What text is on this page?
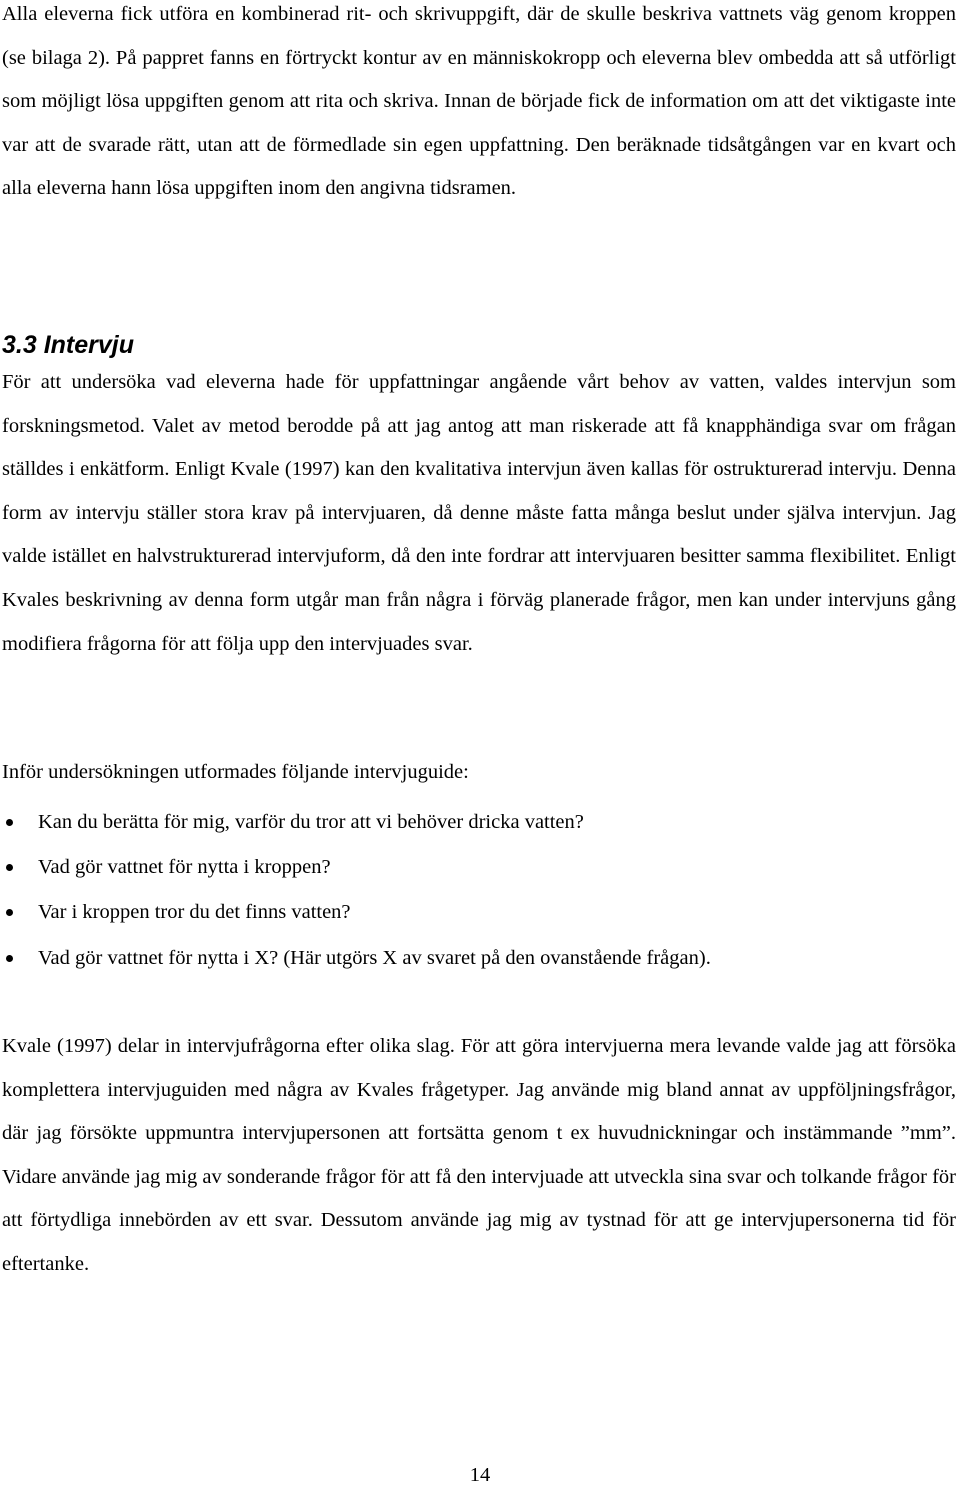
Alla eleverna fick utföra en kombinerad rit- och skrivuppgift, där de skulle beskriva vattnets väg genom kroppen (se bilaga 2). På pappret fanns en förtryckt kontur av en människokropp och eleverna blev ombedda att så utförligt som möjligt lösa uppgiften genom att rita och skriva. Innan de började fick de information om att det viktigaste inte var att de svarade rätt, utan att de förmedlade sin egen uppfattning. Den beräknade tidsåtgången var en kvart och alla eleverna hann lösa uppgiften inom den angivna tidsramen.

3.3 Intervju

För att undersöka vad eleverna hade för uppfattningar angående vårt behov av vatten, valdes intervjun som forskningsmetod. Valet av metod berodde på att jag antog att man riskerade att få knapphändiga svar om frågan ställdes i enkätform. Enligt Kvale (1997) kan den kvalitativa intervjun även kallas för ostrukturerad intervju. Denna form av intervju ställer stora krav på intervjuaren, då denne måste fatta många beslut under själva intervjun. Jag valde istället en halvstrukturerad intervjuform, då den inte fordrar att intervjuaren besitter samma flexibilitet. Enligt Kvales beskrivning av denna form utgår man från några i förväg planerade frågor, men kan under intervjuns gång modifiera frågorna för att följa upp den intervjuades svar.

Inför undersökningen utformades följande intervjuguide:

Kan du berätta för mig, varför du tror att vi behöver dricka vatten?
Vad gör vattnet för nytta i kroppen?
Var i kroppen tror du det finns vatten?
Vad gör vattnet för nytta i X? (Här utgörs X av svaret på den ovanstående frågan).

Kvale (1997) delar in intervjufrågorna efter olika slag. För att göra intervjuerna mera levande valde jag att försöka komplettera intervjuguiden med några av Kvales frågetyper. Jag använde mig bland annat av uppföljningsfrågor, där jag försökte uppmuntra intervjupersonen att fortsätta genom t ex huvudnickningar och instämmande ”mm”. Vidare använde jag mig av sonderande frågor för att få den intervjuade att utveckla sina svar och tolkande frågor för att förtydliga innebörden av ett svar. Dessutom använde jag mig av tystnad för att ge intervjupersonerna tid för eftertanke.

14
